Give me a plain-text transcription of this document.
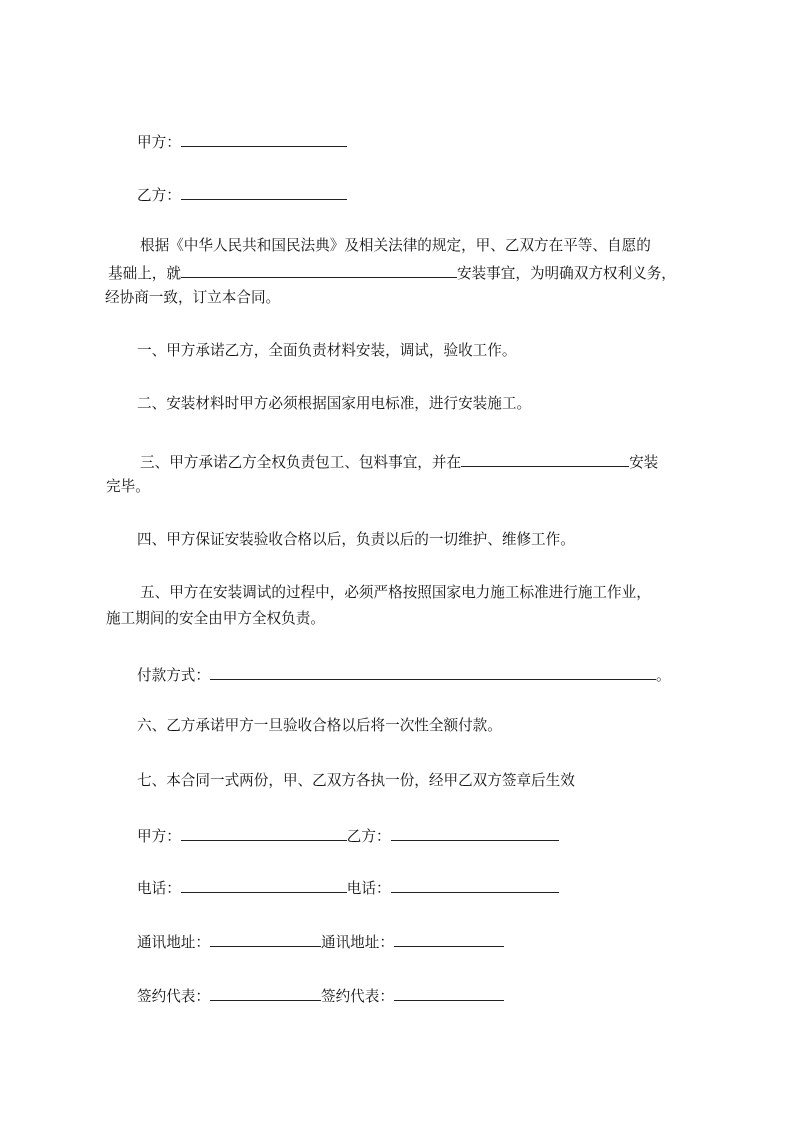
甲方：
乙方：
根据《中华人民共和国民法典》及相关法律的规定，甲、乙双方在平等、自愿的
基础上，就	安装事宜，为明确双方权利义务，
经协商一致，订立本合同。
一、甲方承诺乙方，全面负责材料安装，调试，验收工作。
二、安装材料时甲方必须根据国家用电标准，进行安装施工。
三、甲方承诺乙方全权负责包工、包料事宜，并在	安装
完毕。
四、甲方保证安装验收合格以后，负责以后的一切维护、维修工作。
五、甲方在安装调试的过程中，必须严格按照国家电力施工标准进行施工作业，
施工期间的安全由甲方全权负责。
付款方式：	。
六、乙方承诺甲方一旦验收合格以后将一次性全额付款。
七、本合同一式两份，甲、乙双方各执一份，经甲乙双方签章后生效
甲方：	乙方：
电话：	电话：
通讯地址：	通讯地址：
签约代表：	签约代表：
